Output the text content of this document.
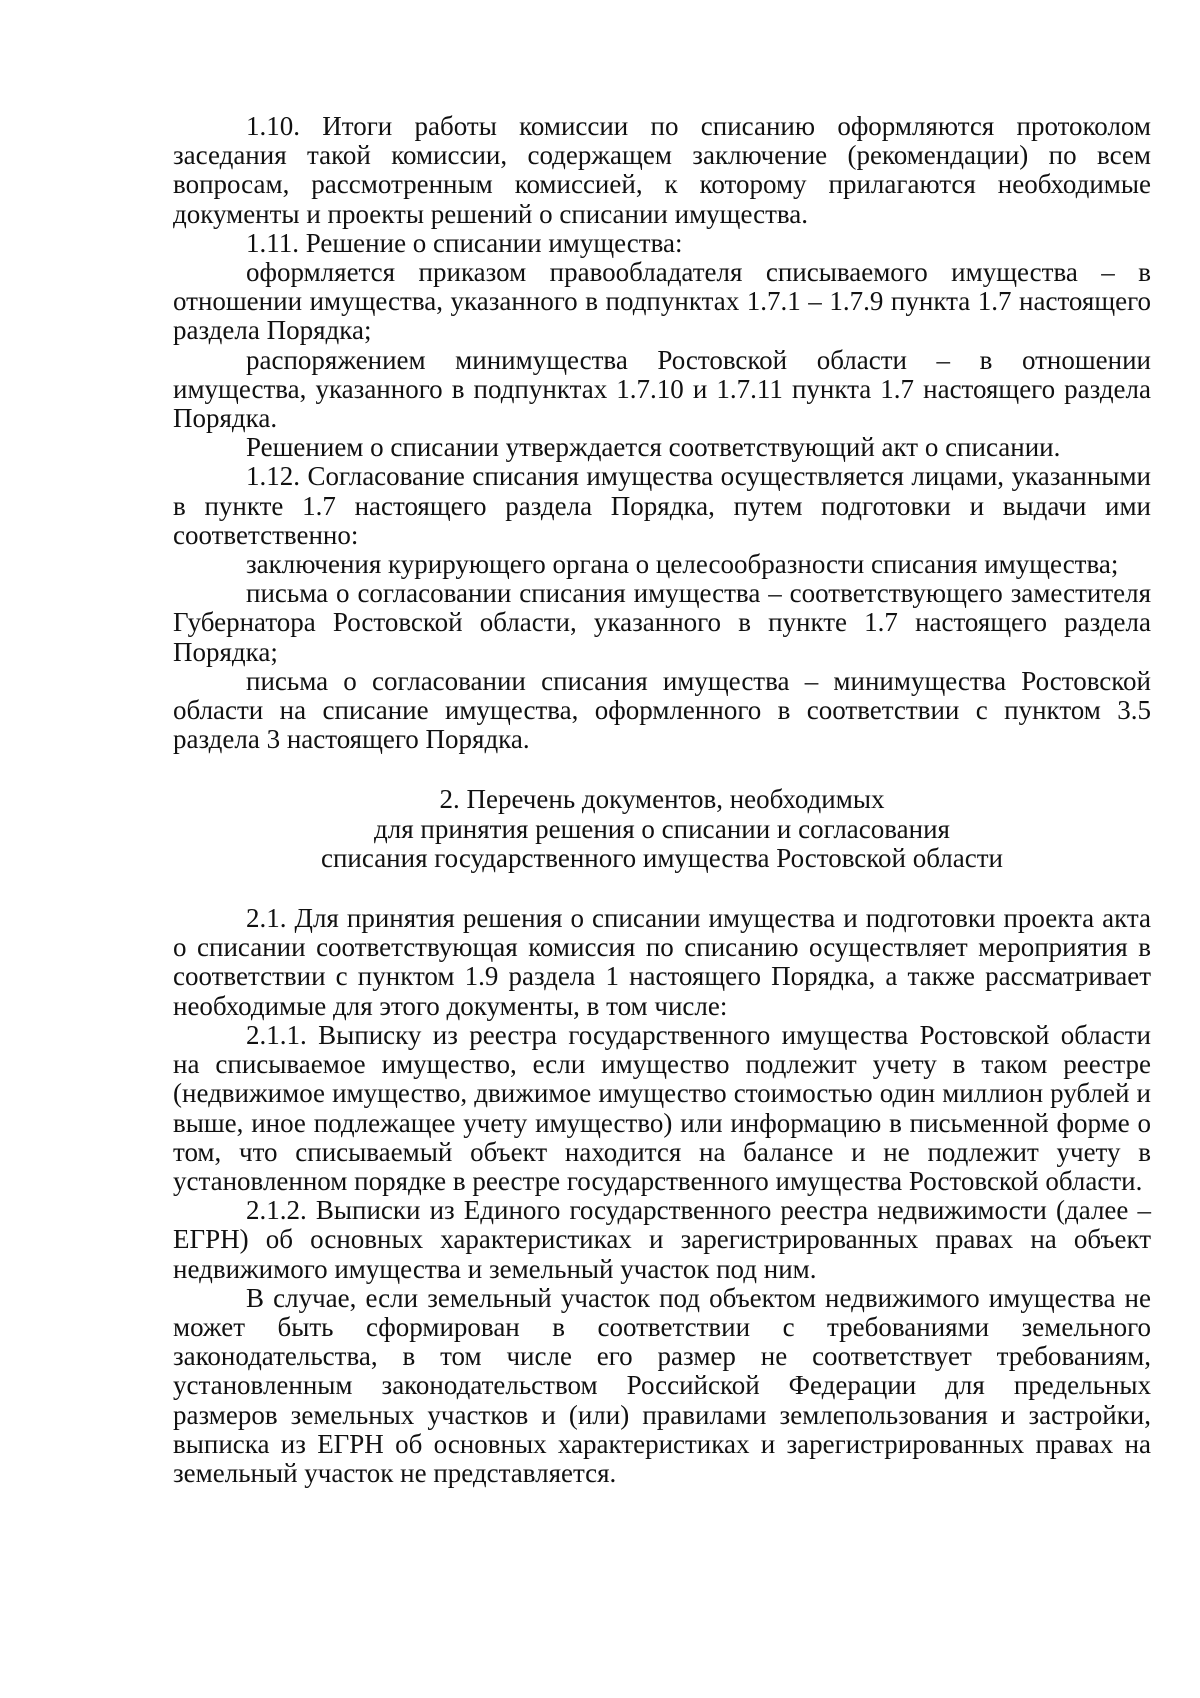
1.10. Итоги работы комиссии по списанию оформляются протоколом заседания такой комиссии, содержащем заключение (рекомендации) по всем вопросам, рассмотренным комиссией, к которому прилагаются необходимые документы и проекты решений о списании имущества.

1.11. Решение о списании имущества:

оформляется приказом правообладателя списываемого имущества – в отношении имущества, указанного в подпунктах 1.7.1 – 1.7.9 пункта 1.7 настоящего раздела Порядка;

распоряжением минимущества Ростовской области – в отношении имущества, указанного в подпунктах 1.7.10 и 1.7.11 пункта 1.7 настоящего раздела Порядка.

Решением о списании утверждается соответствующий акт о списании.

1.12. Согласование списания имущества осуществляется лицами, указанными в пункте 1.7 настоящего раздела Порядка, путем подготовки и выдачи ими соответственно:

заключения курирующего органа о целесообразности списания имущества;

письма о согласовании списания имущества – соответствующего заместителя Губернатора Ростовской области, указанного в пункте 1.7 настоящего раздела Порядка;

письма о согласовании списания имущества – минимущества Ростовской области на списание имущества, оформленного в соответствии с пунктом 3.5 раздела 3 настоящего Порядка.

2. Перечень документов, необходимых
для принятия решения о списании и согласования
списания государственного имущества Ростовской области

2.1. Для принятия решения о списании имущества и подготовки проекта акта о списании соответствующая комиссия по списанию осуществляет мероприятия в соответствии с пунктом 1.9 раздела 1 настоящего Порядка, а также рассматривает необходимые для этого документы, в том числе:

2.1.1. Выписку из реестра государственного имущества Ростовской области на списываемое имущество, если имущество подлежит учету в таком реестре (недвижимое имущество, движимое имущество стоимостью один миллион рублей и выше, иное подлежащее учету имущество) или информацию в письменной форме о том, что списываемый объект находится на балансе и не подлежит учету в установленном порядке в реестре государственного имущества Ростовской области.

2.1.2. Выписки из Единого государственного реестра недвижимости (далее – ЕГРН) об основных характеристиках и зарегистрированных правах на объект недвижимого имущества и земельный участок под ним.

В случае, если земельный участок под объектом недвижимого имущества не может быть сформирован в соответствии с требованиями земельного законодательства, в том числе его размер не соответствует требованиям, установленным законодательством Российской Федерации для предельных размеров земельных участков и (или) правилами землепользования и застройки, выписка из ЕГРН об основных характеристиках и зарегистрированных правах на земельный участок не представляется.
